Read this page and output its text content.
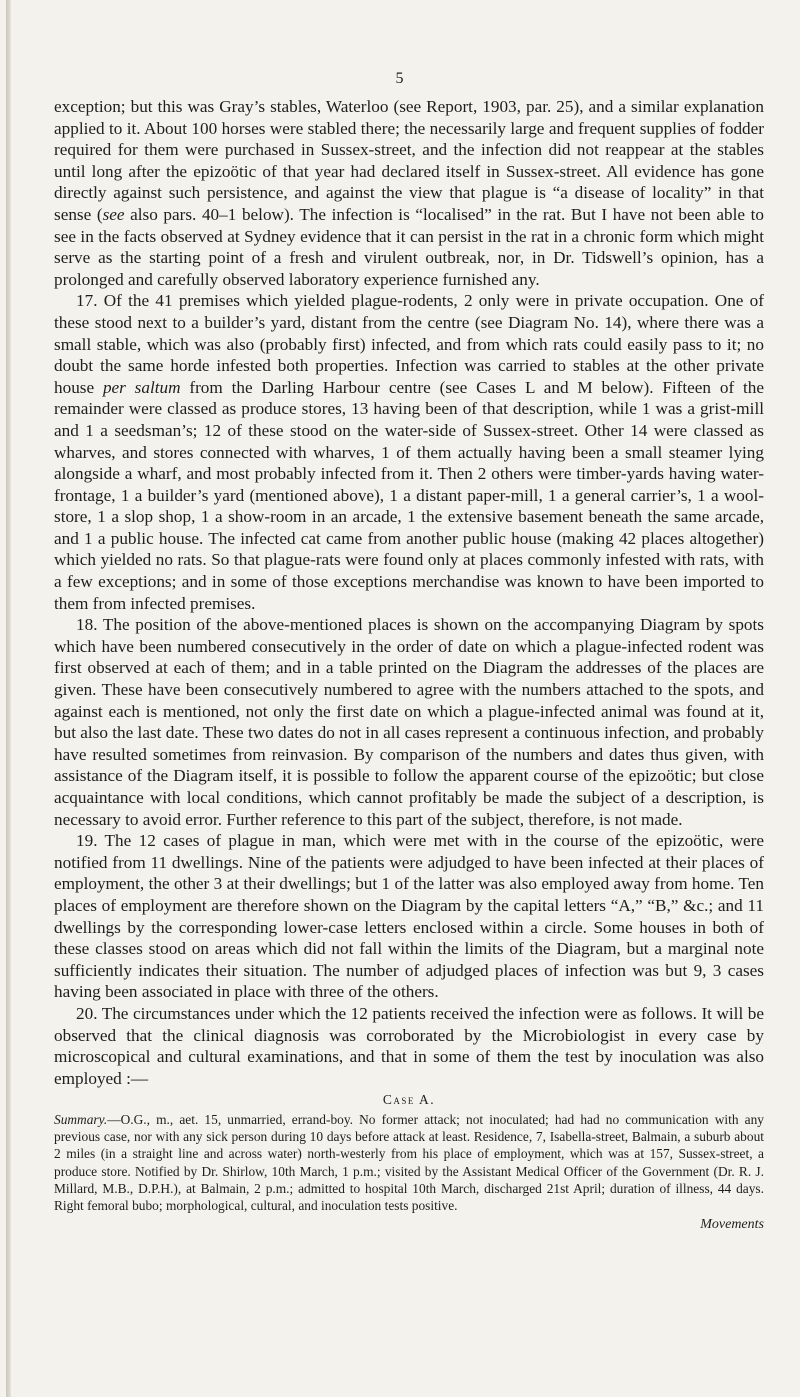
5

exception; but this was Gray’s stables, Waterloo (see Report, 1903, par. 25), and a similar explanation applied to it. About 100 horses were stabled there; the necessarily large and frequent supplies of fodder required for them were purchased in Sussex-street, and the infection did not reappear at the stables until long after the epizoötic of that year had declared itself in Sussex-street. All evidence has gone directly against such persistence, and against the view that plague is “a disease of locality” in that sense (see also pars. 40–1 below). The infection is “localised” in the rat. But I have not been able to see in the facts observed at Sydney evidence that it can persist in the rat in a chronic form which might serve as the starting point of a fresh and virulent outbreak, nor, in Dr. Tidswell’s opinion, has a prolonged and carefully observed laboratory experience furnished any.

17. Of the 41 premises which yielded plague-rodents, 2 only were in private occupation. One of these stood next to a builder’s yard, distant from the centre (see Diagram No. 14), where there was a small stable, which was also (probably first) infected, and from which rats could easily pass to it; no doubt the same horde infested both properties. Infection was carried to stables at the other private house per saltum from the Darling Harbour centre (see Cases L and M below). Fifteen of the remainder were classed as produce stores, 13 having been of that description, while 1 was a grist-mill and 1 a seedsman’s; 12 of these stood on the water-side of Sussex-street. Other 14 were classed as wharves, and stores connected with wharves, 1 of them actually having been a small steamer lying alongside a wharf, and most probably infected from it. Then 2 others were timber-yards having water-frontage, 1 a builder’s yard (mentioned above), 1 a distant paper-mill, 1 a general carrier’s, 1 a wool-store, 1 a slop shop, 1 a show-room in an arcade, 1 the extensive basement beneath the same arcade, and 1 a public house. The infected cat came from another public house (making 42 places altogether) which yielded no rats. So that plague-rats were found only at places commonly infested with rats, with a few exceptions; and in some of those exceptions merchandise was known to have been imported to them from infected premises.

18. The position of the above-mentioned places is shown on the accompanying Diagram by spots which have been numbered consecutively in the order of date on which a plague-infected rodent was first observed at each of them; and in a table printed on the Diagram the addresses of the places are given. These have been consecutively numbered to agree with the numbers attached to the spots, and against each is mentioned, not only the first date on which a plague-infected animal was found at it, but also the last date. These two dates do not in all cases represent a continuous infection, and probably have resulted sometimes from reinvasion. By comparison of the numbers and dates thus given, with assistance of the Diagram itself, it is possible to follow the apparent course of the epizoötic; but close acquaintance with local conditions, which cannot profitably be made the subject of a description, is necessary to avoid error. Further reference to this part of the subject, therefore, is not made.

19. The 12 cases of plague in man, which were met with in the course of the epizoötic, were notified from 11 dwellings. Nine of the patients were adjudged to have been infected at their places of employment, the other 3 at their dwellings; but 1 of the latter was also employed away from home. Ten places of employment are therefore shown on the Diagram by the capital letters “A,” “B,” &c.; and 11 dwellings by the corresponding lower-case letters enclosed within a circle. Some houses in both of these classes stood on areas which did not fall within the limits of the Diagram, but a marginal note sufficiently indicates their situation. The number of adjudged places of infection was but 9, 3 cases having been associated in place with three of the others.

20. The circumstances under which the 12 patients received the infection were as follows. It will be observed that the clinical diagnosis was corroborated by the Microbiologist in every case by microscopical and cultural examinations, and that in some of them the test by inoculation was also employed :—

Case A.

Summary.—O.G., m., aet. 15, unmarried, errand-boy. No former attack; not inoculated; had had no communication with any previous case, nor with any sick person during 10 days before attack at least. Residence, 7, Isabella-street, Balmain, a suburb about 2 miles (in a straight line and across water) north-westerly from his place of employment, which was at 157, Sussex-street, a produce store. Notified by Dr. Shirlow, 10th March, 1 p.m.; visited by the Assistant Medical Officer of the Government (Dr. R. J. Millard, M.B., D.P.H.), at Balmain, 2 p.m.; admitted to hospital 10th March, discharged 21st April; duration of illness, 44 days. Right femoral bubo; morphological, cultural, and inoculation tests positive.

Movements
